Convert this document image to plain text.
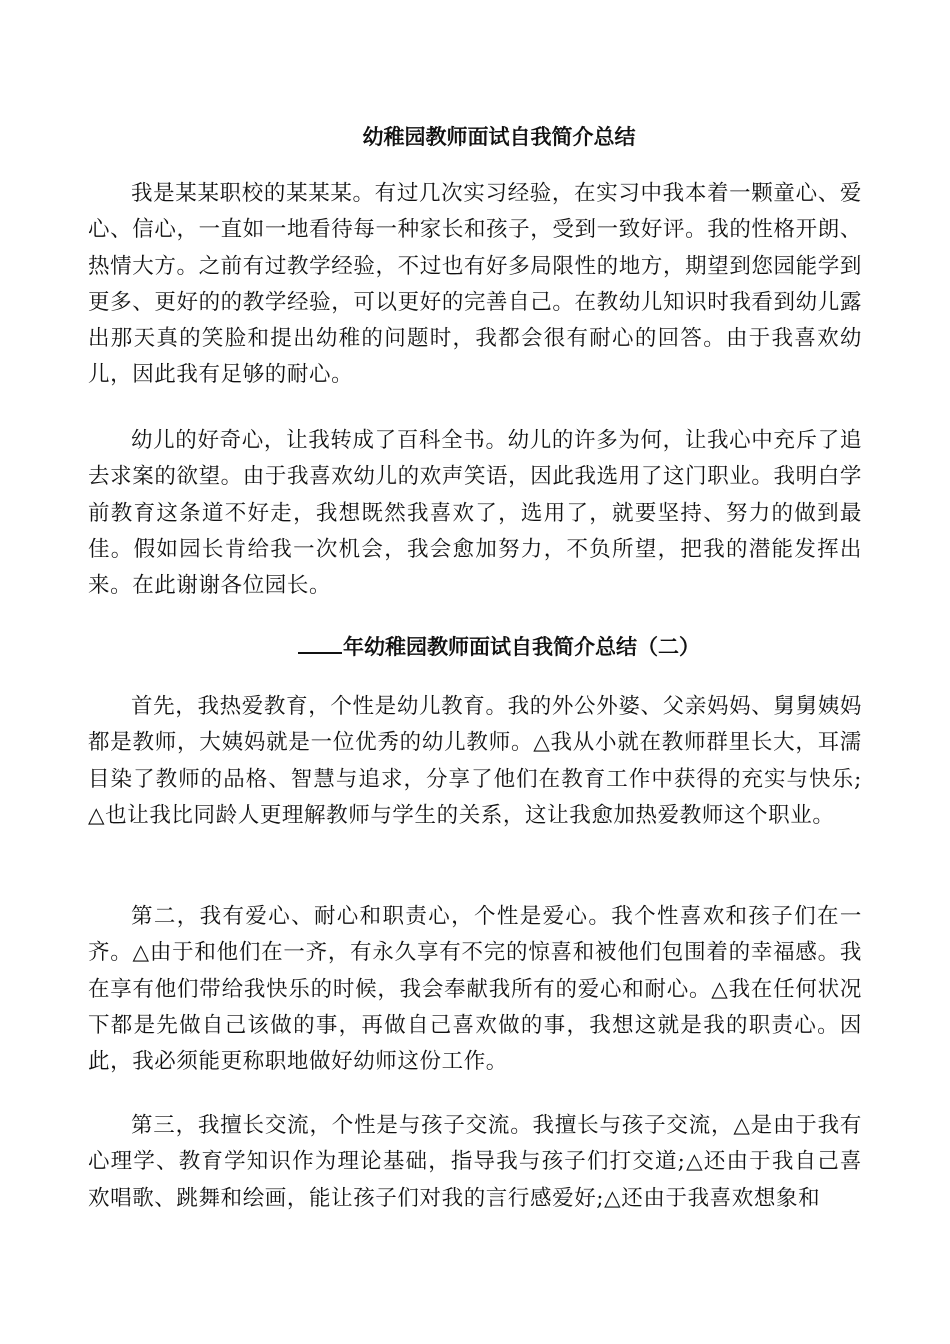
幼稚园教师面试自我简介总结

我是某某职校的某某某。有过几次实习经验，在实习中我本着一颗童心、爱心、信心，一直如一地看待每一种家长和孩子，受到一致好评。我的性格开朗、热情大方。之前有过教学经验，不过也有好多局限性的地方，期望到您园能学到更多、更好的的教学经验，可以更好的完善自己。在教幼儿知识时我看到幼儿露出那天真的笑脸和提出幼稚的问题时，我都会很有耐心的回答。由于我喜欢幼儿，因此我有足够的耐心。

幼儿的好奇心，让我转成了百科全书。幼儿的许多为何，让我心中充斥了追去求案的欲望。由于我喜欢幼儿的欢声笑语，因此我选用了这门职业。我明白学前教育这条道不好走，我想既然我喜欢了，选用了，就要坚持、努力的做到最佳。假如园长肯给我一次机会，我会愈加努力，不负所望，把我的潜能发挥出来。在此谢谢各位园长。

年幼稚园教师面试自我简介总结（二）

首先，我热爱教育，个性是幼儿教育。我的外公外婆、父亲妈妈、舅舅姨妈都是教师，大姨妈就是一位优秀的幼儿教师。△我从小就在教师群里长大，耳濡目染了教师的品格、智慧与追求，分享了他们在教育工作中获得的充实与快乐;△也让我比同龄人更理解教师与学生的关系，这让我愈加热爱教师这个职业。

第二，我有爱心、耐心和职责心，个性是爱心。我个性喜欢和孩子们在一齐。△由于和他们在一齐，有永久享有不完的惊喜和被他们包围着的幸福感。我在享有他们带给我快乐的时候，我会奉献我所有的爱心和耐心。△我在任何状况下都是先做自己该做的事，再做自己喜欢做的事，我想这就是我的职责心。因此，我必须能更称职地做好幼师这份工作。

第三，我擅长交流，个性是与孩子交流。我擅长与孩子交流，△是由于我有心理学、教育学知识作为理论基础，指导我与孩子们打交道;△还由于我自己喜欢唱歌、跳舞和绘画，能让孩子们对我的言行感爱好;△还由于我喜欢想象和
